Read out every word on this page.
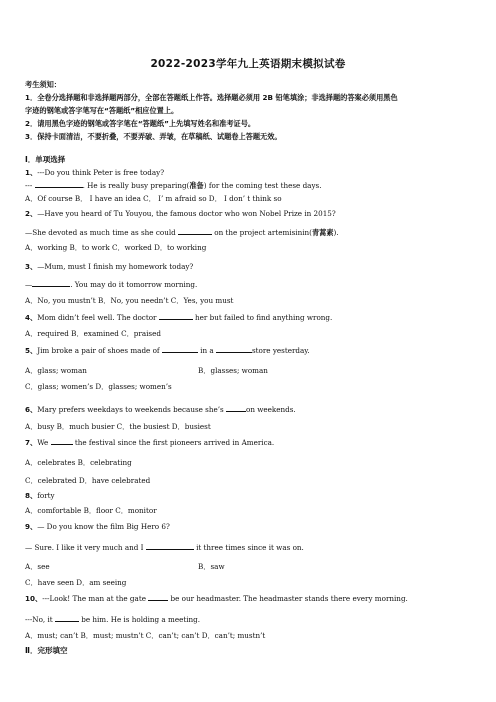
2022-2023学年九上英语期末模拟试卷
考生须知：
1．全卷分选择题和非选择题两部分，全部在答题纸上作答。选择题必须用 2B 铅笔填涂；非选择题的答案必须用黑色
字迹的钢笔或答字笔写在“答题纸”相应位置上。
2．请用黑色字迹的钢笔或答字笔在“答题纸”上先填写姓名和准考证号。
3．保持卡面清洁，不要折叠，不要弄破、弄皱，在草稿纸、试题卷上答题无效。
Ⅰ．单项选择
1、---Do you think Peter is free today?
---	. He is really busy preparing(准备) for the coming test these days.
A．Of course B． I have an idea C． I’ m afraid so D． I don’ t think so
2、—Have you heard of Tu Youyou, the famous doctor who won Nobel Prize in 2015?
—She devoted as much time as she could	on the project artemisinin(青蒿素).
A．working B．to work C．worked D．to working
3、—Mum, must I finish my homework today?
—	. You may do it tomorrow morning.
A．No, you mustn’t B．No, you needn’t C．Yes, you must
4、Mom didn’t feel well. The doctor	her but failed to find anything wrong.
A．required B．examined C．praised
5、Jim broke a pair of shoes made of	in a	store yesterday.
A．glass; woman	B．glasses; woman
C．glass; women’s D．glasses; women’s
6、Mary prefers weekdays to weekends because she’s	on weekends.
A．busy B．much busier C．the busiest D．busiest
7、We	the festival since the first pioneers arrived in America.
A．celebrates B．celebrating
C．celebrated D．have celebrated
8、forty
A．comfortable B．floor C．monitor
9、— Do you know the film Big Hero 6?
— Sure. I like it very much and I	it three times since it was on.
A．see	B．saw
C．have seen D．am seeing
10、---Look! The man at the gate	be our headmaster. The headmaster stands there every morning.
---No, it	be him. He is holding a meeting.
A．must; can’t B．must; mustn’t C．can’t; can’t D．can’t; mustn’t
Ⅱ．完形填空
